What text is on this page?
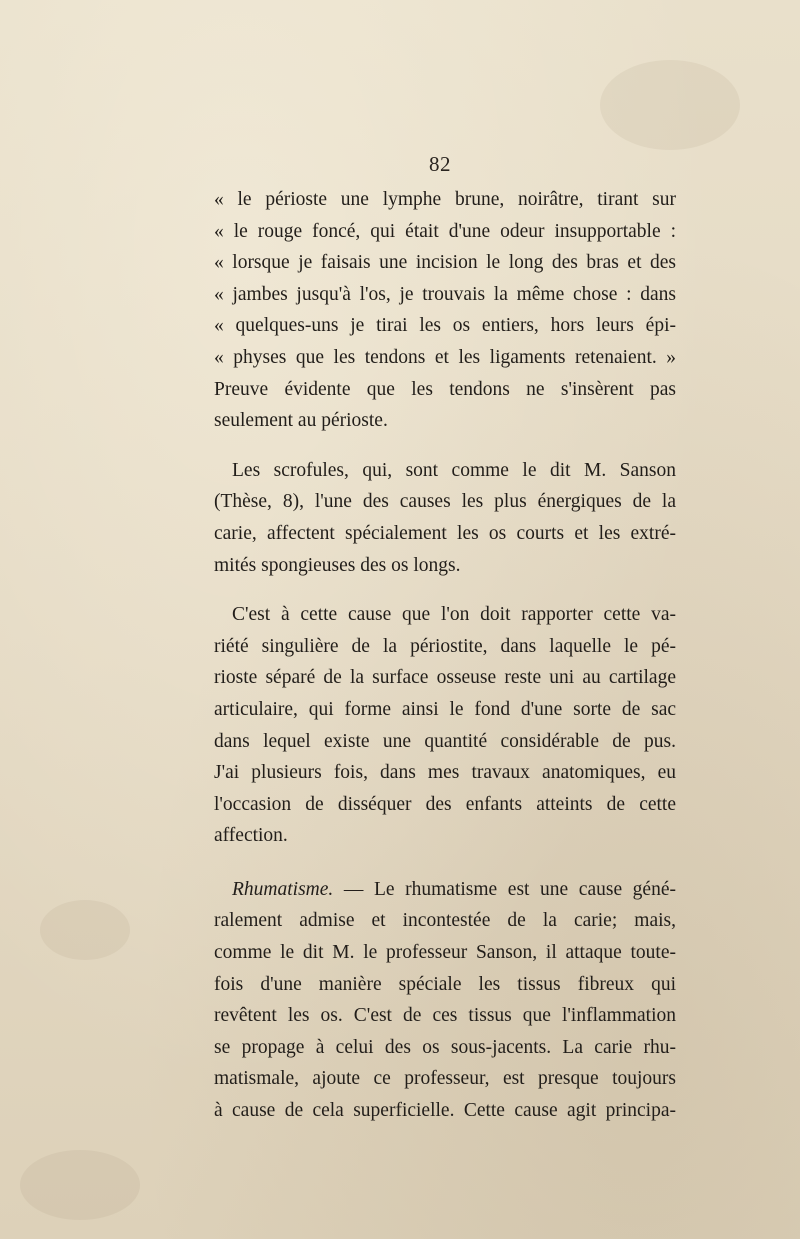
82
« le périoste une lymphe brune, noirâtre, tirant sur
« le rouge foncé, qui était d'une odeur insupportable :
« lorsque je faisais une incision le long des bras et des
« jambes jusqu'à l'os, je trouvais la même chose : dans
« quelques-uns je tirai les os entiers, hors leurs épi-
« physes que les tendons et les ligaments retenaient. »
Preuve évidente que les tendons ne s'insèrent pas
seulement au périoste.
Les scrofules, qui, sont comme le dit M. Sanson
(Thèse, 8), l'une des causes les plus énergiques de la
carie, affectent spécialement les os courts et les extré-
mités spongieuses des os longs.
C'est à cette cause que l'on doit rapporter cette va-
riété singulière de la périostite, dans laquelle le pé-
rioste séparé de la surface osseuse reste uni au cartilage
articulaire, qui forme ainsi le fond d'une sorte de sac
dans lequel existe une quantité considérable de pus.
J'ai plusieurs fois, dans mes travaux anatomiques, eu
l'occasion de disséquer des enfants atteints de cette
affection.
Rhumatisme. — Le rhumatisme est une cause géné-
ralement admise et incontestée de la carie; mais,
comme le dit M. le professeur Sanson, il attaque toute-
fois d'une manière spéciale les tissus fibreux qui
revêtent les os. C'est de ces tissus que l'inflammation
se propage à celui des os sous-jacents. La carie rhu-
matismale, ajoute ce professeur, est presque toujours
à cause de cela superficielle. Cette cause agit principa-
